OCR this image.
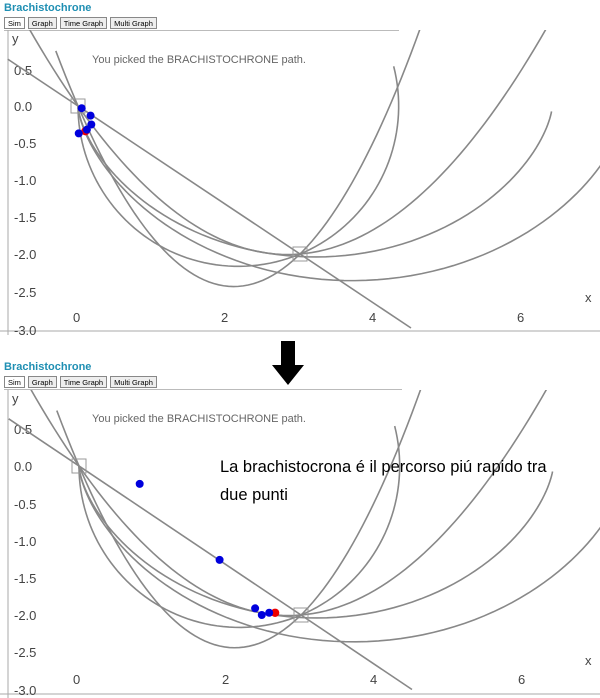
Brachistochrone
Sim	Graph	Time Graph	Multi Graph
y
x
0.5
0.0
-0.5
-1.0
-1.5
-2.0
-2.5
-3.0
0	2	4	6
You picked the BRACHISTOCHRONE path.
Brachistochrone
Sim	Graph	Time Graph	Multi Graph
y
x
0.5
0.0
-0.5
-1.0
-1.5
-2.0
-2.5
-3.0
0	2	4	6
You picked the BRACHISTOCHRONE path.
La brachistocrona é il percorso piú rapido tra due punti
